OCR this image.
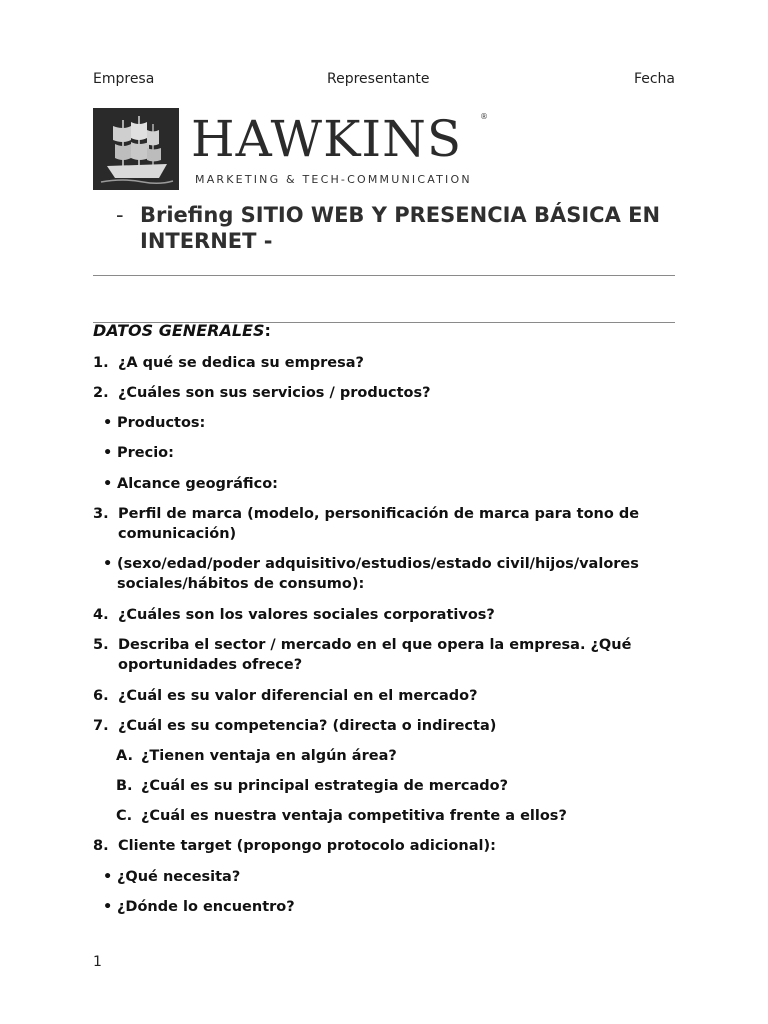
Empresa	Representante	Fecha
HAWKINS ®
MARKETING & TECH-COMMUNICATION
- Briefing SITIO WEB Y PRESENCIA BÁSICA EN INTERNET -
DATOS GENERALES:
1. ¿A qué se dedica su empresa?
2. ¿Cuáles son sus servicios / productos?
• Productos:
• Precio:
• Alcance geográfico:
3. Perfil de marca (modelo, personificación de marca para tono de comunicación)
• (sexo/edad/poder adquisitivo/estudios/estado civil/hijos/valores sociales/hábitos de consumo):
4. ¿Cuáles son los valores sociales corporativos?
5. Describa el sector / mercado en el que opera la empresa. ¿Qué oportunidades ofrece?
6. ¿Cuál es su valor diferencial en el mercado?
7. ¿Cuál es su competencia? (directa o indirecta)
A. ¿Tienen ventaja en algún área?
B. ¿Cuál es su principal estrategia de mercado?
C. ¿Cuál es nuestra ventaja competitiva frente a ellos?
8. Cliente target (propongo protocolo adicional):
• ¿Qué necesita?
• ¿Dónde lo encuentro?
1
